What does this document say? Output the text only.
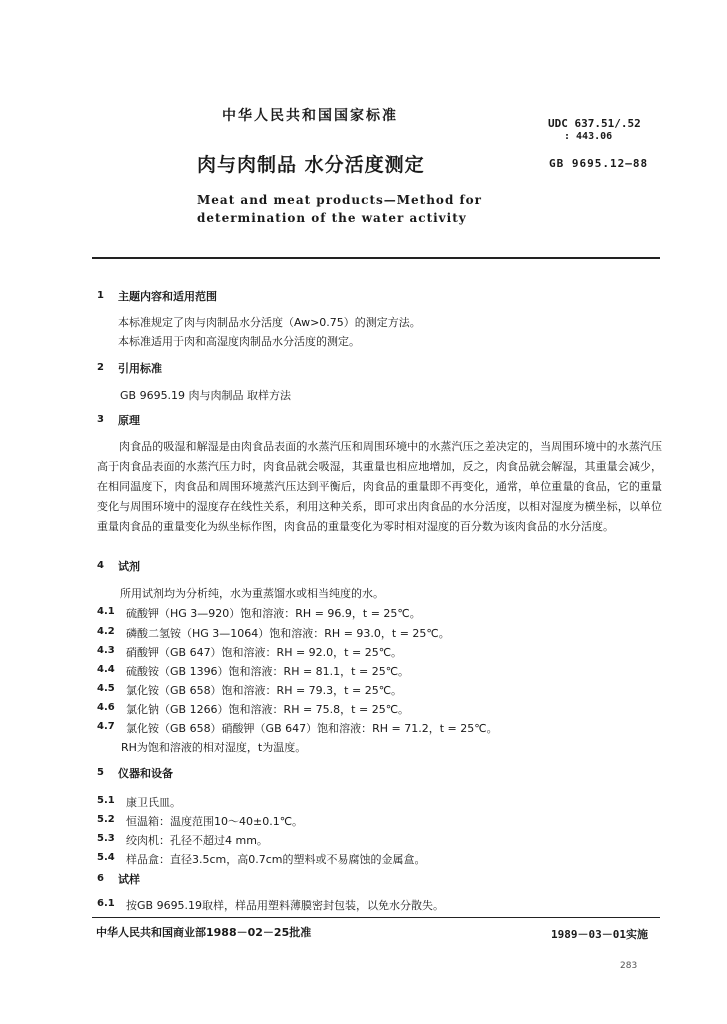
中华人民共和国国家标准	UDC 637.51/.52
: 443.06
肉与肉制品 水分活度测定	GB 9695.12—88
Meat and meat products—Method for
determination of the water activity
1 主题内容和适用范围
本标准规定了肉与肉制品水分活度（Aw>0.75）的测定方法。
本标准适用于肉和高湿度肉制品水分活度的测定。
2 引用标准
GB 9695.19 肉与肉制品 取样方法
3 原理
肉食品的吸湿和解湿是由肉食品表面的水蒸汽压和周围环境中的水蒸汽压之差决定的，当周围环境中的水蒸汽压高于肉食品表面的水蒸汽压力时，肉食品就会吸湿，其重量也相应地增加，反之，肉食品就会解湿，其重量会减少，在相同温度下，肉食品和周围环境蒸汽压达到平衡后，肉食品的重量即不再变化，通常，单位重量的食品，它的重量变化与周围环境中的湿度存在线性关系，利用这种关系，即可求出肉食品的水分活度，以相对湿度为横坐标，以单位重量肉食品的重量变化为纵坐标作图，肉食品的重量变化为零时相对湿度的百分数为该肉食品的水分活度。
4 试剂
所用试剂均为分析纯，水为重蒸馏水或相当纯度的水。
4.1 硫酸钾（HG 3—920）饱和溶液：RH = 96.9，t = 25℃。
4.2 磷酸二氢铵（HG 3—1064）饱和溶液：RH = 93.0，t = 25℃。
4.3 硝酸钾（GB 647）饱和溶液：RH = 92.0，t = 25℃。
4.4 硫酸铵（GB 1396）饱和溶液：RH = 81.1，t = 25℃。
4.5 氯化铵（GB 658）饱和溶液：RH = 79.3，t = 25℃。
4.6 氯化钠（GB 1266）饱和溶液：RH = 75.8，t = 25℃。
4.7 氯化铵（GB 658）硝酸钾（GB 647）饱和溶液：RH = 71.2，t = 25℃。
RH为饱和溶液的相对湿度，t为温度。
5 仪器和设备
5.1 康卫氏皿。
5.2 恒温箱：温度范围10～40±0.1℃。
5.3 绞肉机：孔径不超过4 mm。
5.4 样品盒：直径3.5cm，高0.7cm的塑料或不易腐蚀的金属盒。
6 试样
6.1 按GB 9695.19取样，样品用塑料薄膜密封包装，以免水分散失。
中华人民共和国商业部1988－02－25批准	1989－03－01实施
283
